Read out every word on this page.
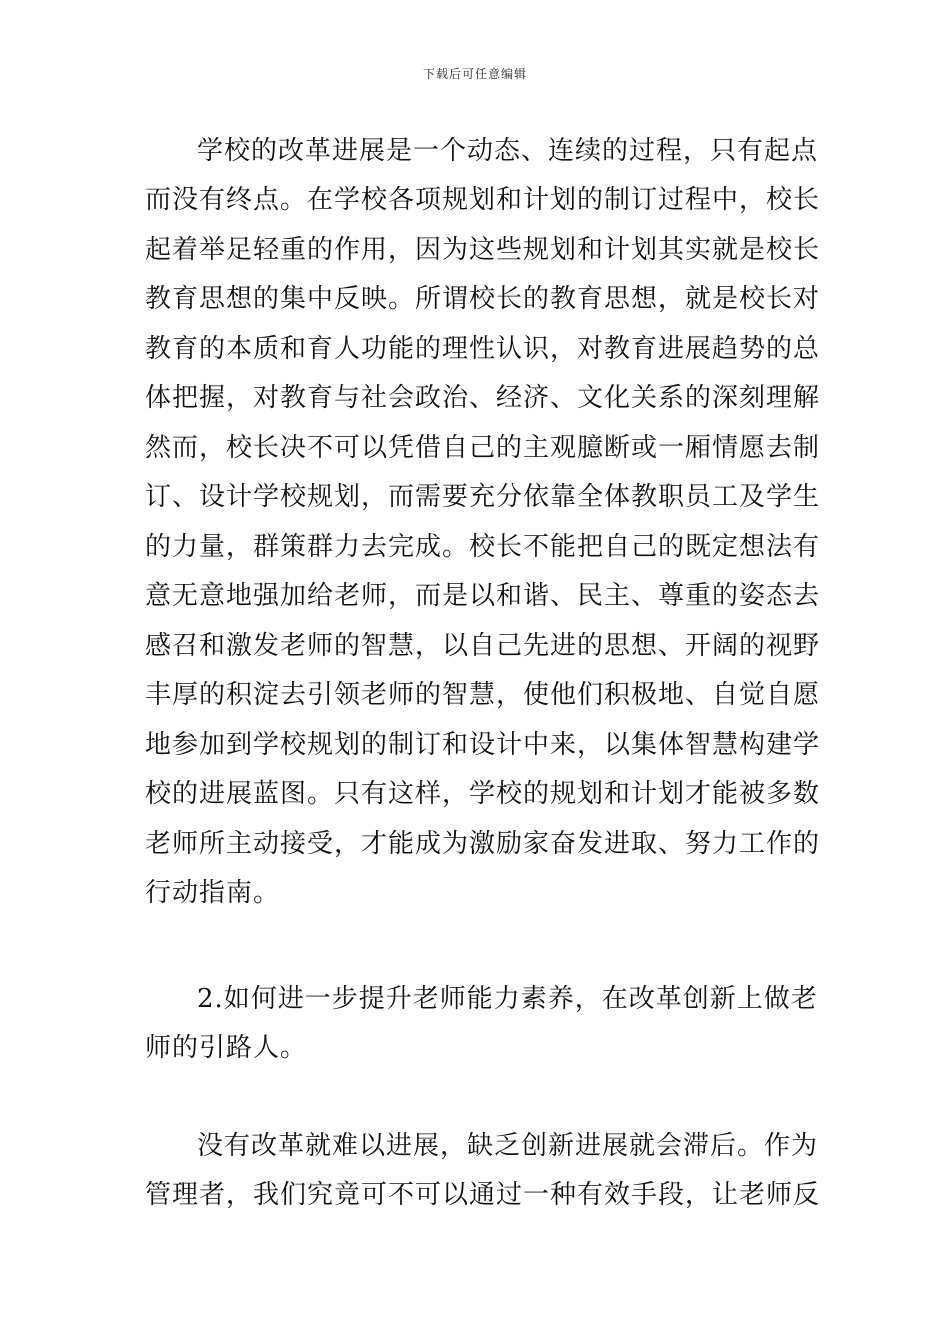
下载后可任意编辑
学校的改革进展是一个动态、连续的过程，只有起点
而没有终点。在学校各项规划和计划的制订过程中，校长
起着举足轻重的作用，因为这些规划和计划其实就是校长
教育思想的集中反映。所谓校长的教育思想，就是校长对
教育的本质和育人功能的理性认识，对教育进展趋势的总
体把握，对教育与社会政治、经济、文化关系的深刻理解
然而，校长决不可以凭借自己的主观臆断或一厢情愿去制
订、设计学校规划，而需要充分依靠全体教职员工及学生
的力量，群策群力去完成。校长不能把自己的既定想法有
意无意地强加给老师，而是以和谐、民主、尊重的姿态去
感召和激发老师的智慧，以自己先进的思想、开阔的视野
丰厚的积淀去引领老师的智慧，使他们积极地、自觉自愿
地参加到学校规划的制订和设计中来，以集体智慧构建学
校的进展蓝图。只有这样，学校的规划和计划才能被多数
老师所主动接受，才能成为激励家奋发进取、努力工作的
行动指南。
2.如何进一步提升老师能力素养，在改革创新上做老
师的引路人。
没有改革就难以进展，缺乏创新进展就会滞后。作为
管理者，我们究竟可不可以通过一种有效手段，让老师反
